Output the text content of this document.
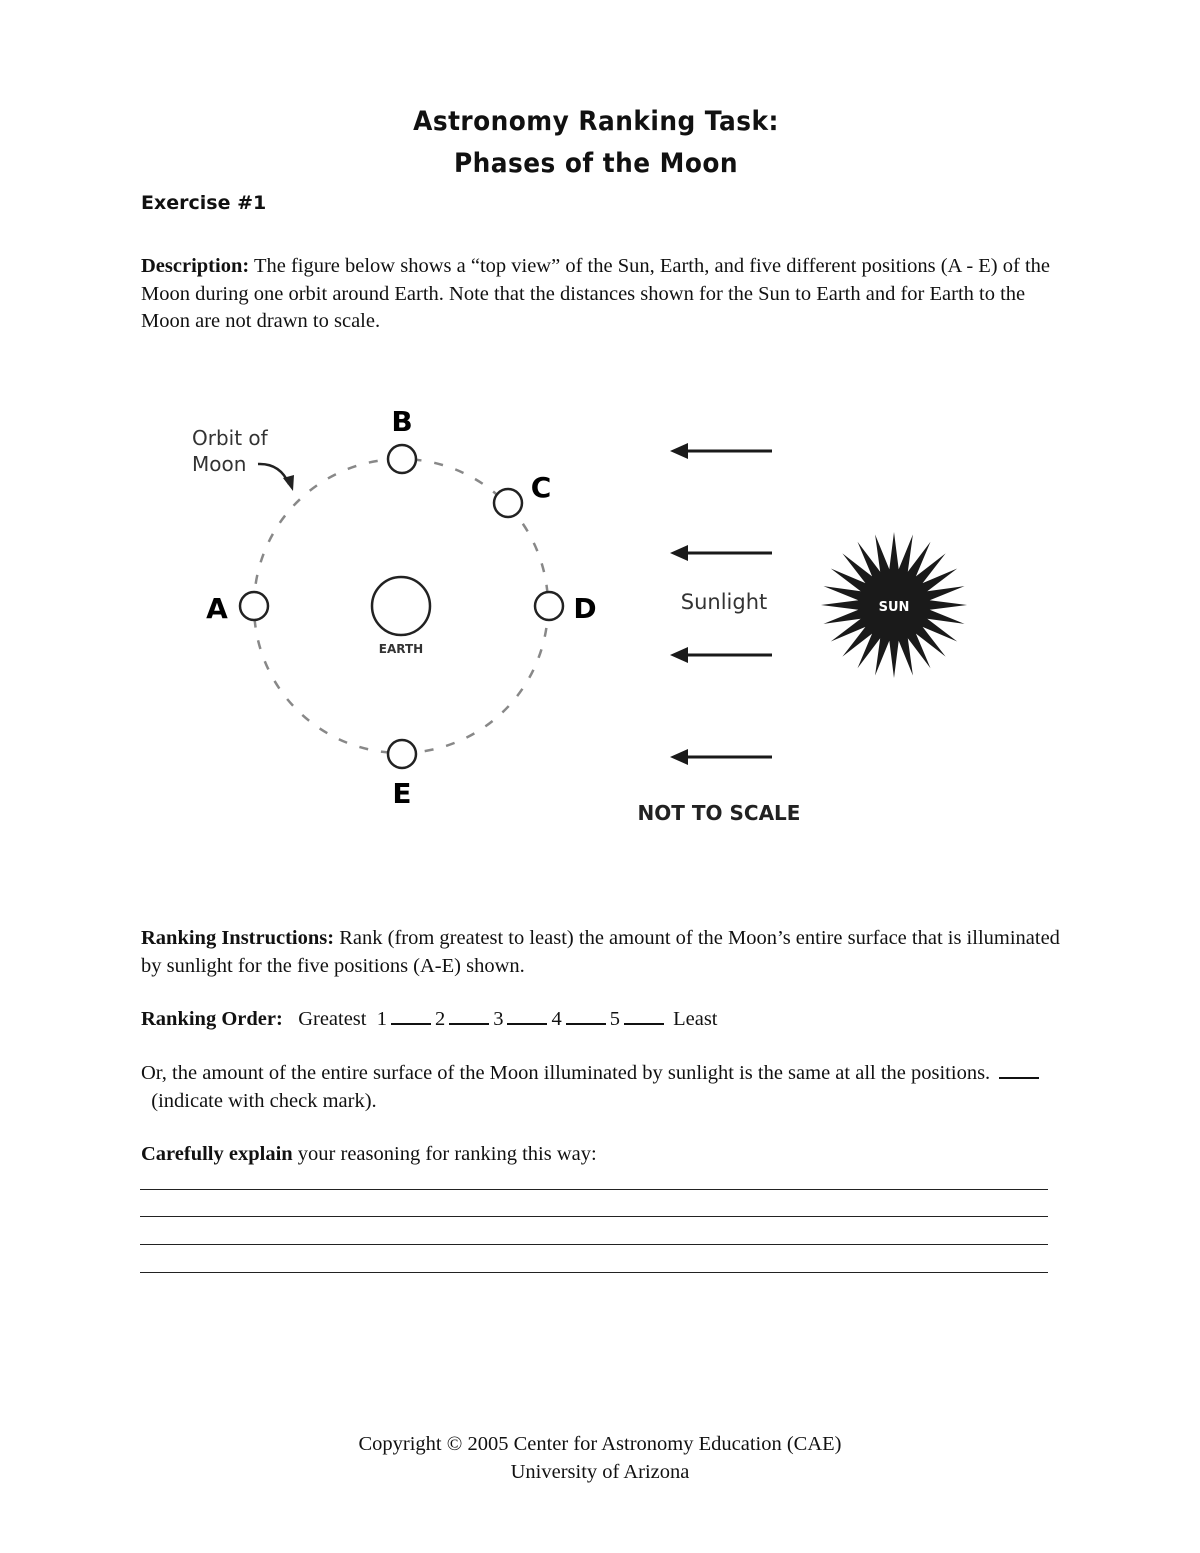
Astronomy Ranking Task:
Phases of the Moon
Exercise #1
Description: The figure below shows a “top view” of the Sun, Earth, and five different positions (A - E) of the Moon during one orbit around Earth. Note that the distances shown for the Sun to Earth and for Earth to the Moon are not drawn to scale.
EARTH
A
B
C
D
E
Orbit of
Moon
Sunlight	SUN
NOT TO SCALE
Ranking Instructions: Rank (from greatest to least) the amount of the Moon’s entire surface that is illuminated by sunlight for the five positions (A-E) shown.
Ranking Order: Greatest 1 2 3 4 5	Least
Or, the amount of the entire surface of the Moon illuminated by sunlight is the same at all the positions.   (indicate with check mark).
Carefully explain your reasoning for ranking this way:
Copyright © 2005 Center for Astronomy Education (CAE)
University of Arizona
